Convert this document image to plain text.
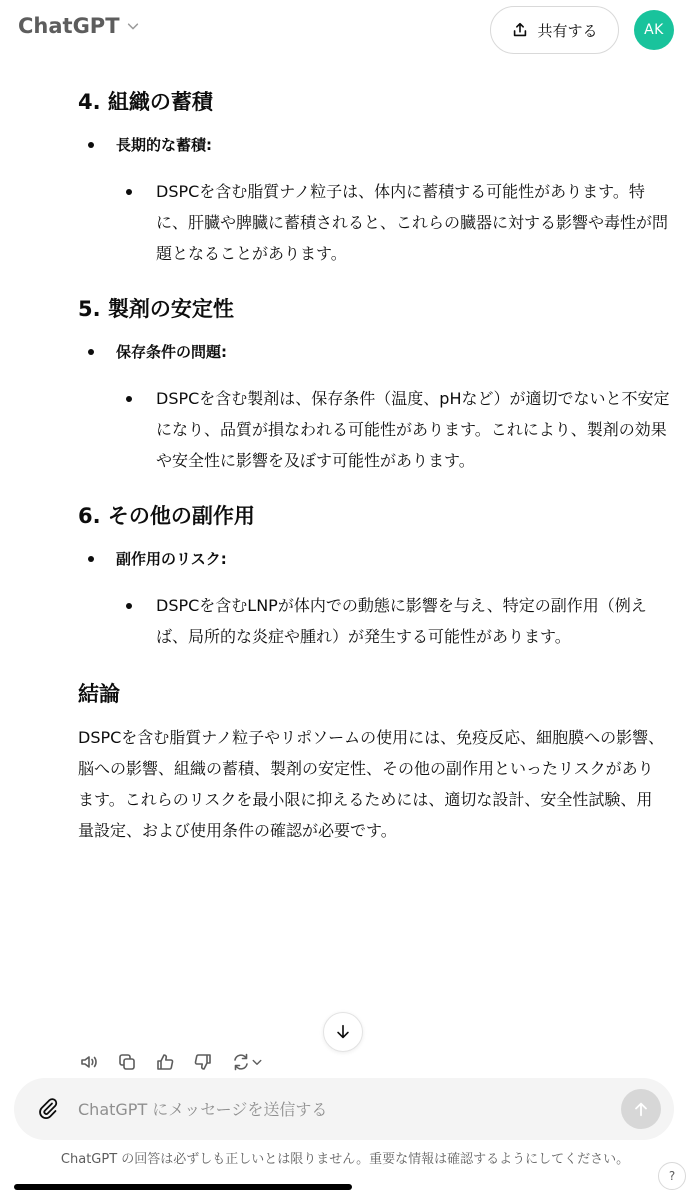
ChatGPT	共有する	AK
4. 組織の蓄積
長期的な蓄積:
DSPCを含む脂質ナノ粒子は、体内に蓄積する可能性があります。特に、肝臓や脾臓に蓄積されると、これらの臓器に対する影響や毒性が問題となることがあります。
5. 製剤の安定性
保存条件の問題:
DSPCを含む製剤は、保存条件（温度、pHなど）が適切でないと不安定になり、品質が損なわれる可能性があります。これにより、製剤の効果や安全性に影響を及ぼす可能性があります。
6. その他の副作用
副作用のリスク:
DSPCを含むLNPが体内での動態に影響を与え、特定の副作用（例えば、局所的な炎症や腫れ）が発生する可能性があります。
結論

DSPCを含む脂質ナノ粒子やリポソームの使用には、免疫反応、細胞膜への影響、脳への影響、組織の蓄積、製剤の安定性、その他の副作用といったリスクがあります。これらのリスクを最小限に抑えるためには、適切な設計、安全性試験、用量設定、および使用条件の確認が必要です。

ChatGPT にメッセージを送信する
ChatGPT の回答は必ずしも正しいとは限りません。重要な情報は確認するようにしてください。
?
